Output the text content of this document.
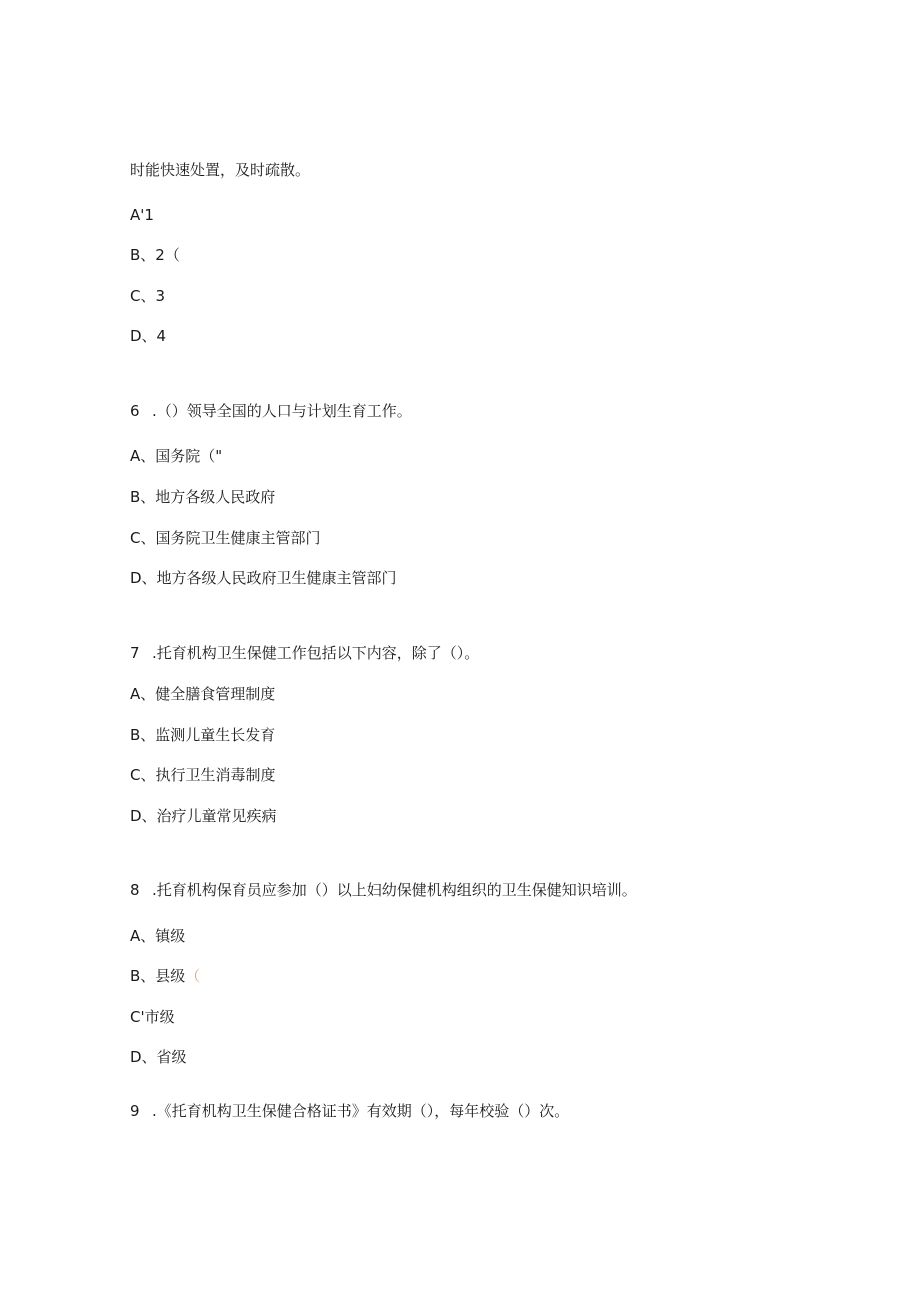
时能快速处置，及时疏散。
A'1
B、2（
C、3
D、4
6 .（）领导全国的人口与计划生育工作。
A、国务院（"
B、地方各级人民政府
C、国务院卫生健康主管部门
D、地方各级人民政府卫生健康主管部门
7 .托育机构卫生保健工作包括以下内容，除了（）。
A、健全膳食管理制度
B、监测儿童生长发育
C、执行卫生消毒制度
D、治疗儿童常见疾病
8 .托育机构保育员应参加（）以上妇幼保健机构组织的卫生保健知识培训。
A、镇级
B、县级（
C'市级
D、省级
9 .《托育机构卫生保健合格证书》有效期（），每年校验（）次。
